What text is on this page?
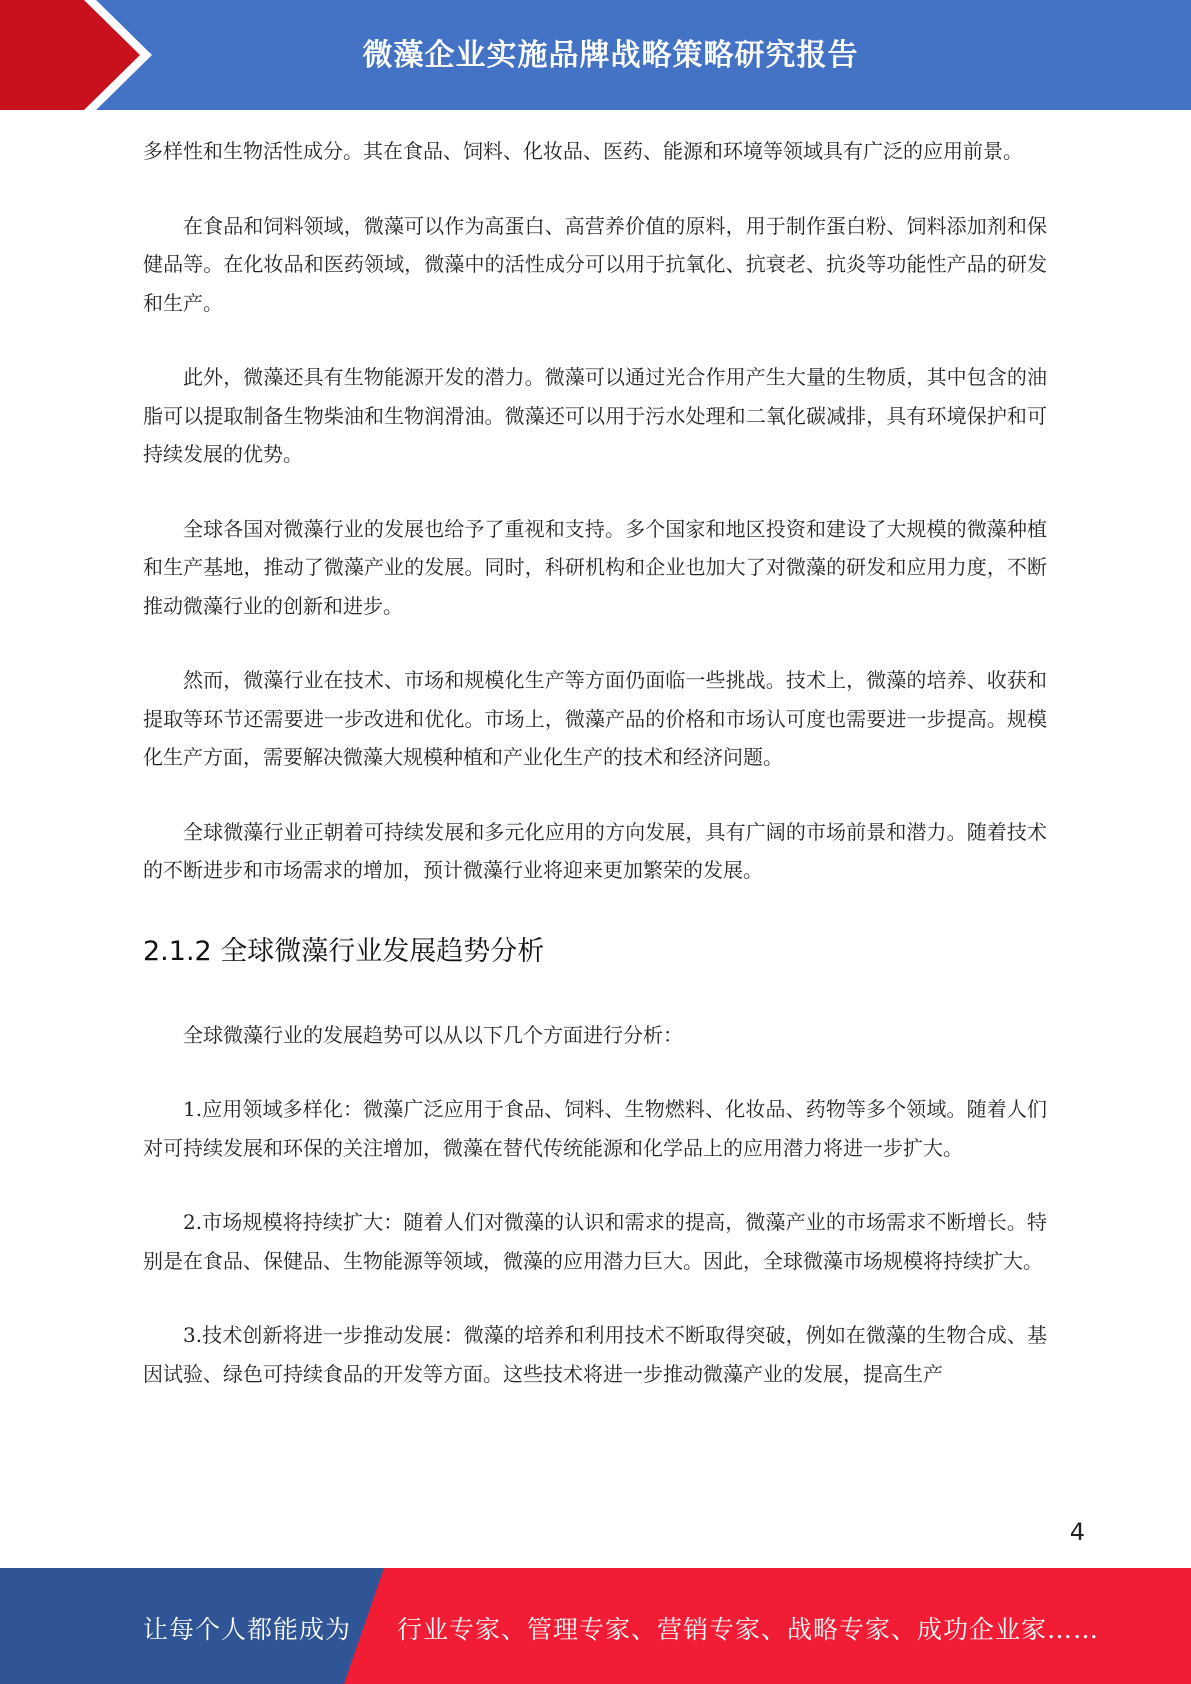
微藻企业实施品牌战略策略研究报告

多样性和生物活性成分。其在食品、饲料、化妆品、医药、能源和环境等领域具有广泛的应用前景。

在食品和饲料领域，微藻可以作为高蛋白、高营养价值的原料，用于制作蛋白粉、饲料添加剂和保健品等。在化妆品和医药领域，微藻中的活性成分可以用于抗氧化、抗衰老、抗炎等功能性产品的研发和生产。

此外，微藻还具有生物能源开发的潜力。微藻可以通过光合作用产生大量的生物质，其中包含的油脂可以提取制备生物柴油和生物润滑油。微藻还可以用于污水处理和二氧化碳减排，具有环境保护和可持续发展的优势。

全球各国对微藻行业的发展也给予了重视和支持。多个国家和地区投资和建设了大规模的微藻种植和生产基地，推动了微藻产业的发展。同时，科研机构和企业也加大了对微藻的研发和应用力度，不断推动微藻行业的创新和进步。

然而，微藻行业在技术、市场和规模化生产等方面仍面临一些挑战。技术上，微藻的培养、收获和提取等环节还需要进一步改进和优化。市场上，微藻产品的价格和市场认可度也需要进一步提高。规模化生产方面，需要解决微藻大规模种植和产业化生产的技术和经济问题。

全球微藻行业正朝着可持续发展和多元化应用的方向发展，具有广阔的市场前景和潜力。随着技术的不断进步和市场需求的增加，预计微藻行业将迎来更加繁荣的发展。

2.1.2 全球微藻行业发展趋势分析

全球微藻行业的发展趋势可以从以下几个方面进行分析：

1.应用领域多样化：微藻广泛应用于食品、饲料、生物燃料、化妆品、药物等多个领域。随着人们对可持续发展和环保的关注增加，微藻在替代传统能源和化学品上的应用潜力将进一步扩大。

2.市场规模将持续扩大：随着人们对微藻的认识和需求的提高，微藻产业的市场需求不断增长。特别是在食品、保健品、生物能源等领域，微藻的应用潜力巨大。因此，全球微藻市场规模将持续扩大。

3.技术创新将进一步推动发展：微藻的培养和利用技术不断取得突破，例如在微藻的生物合成、基因试验、绿色可持续食品的开发等方面。这些技术将进一步推动微藻产业的发展，提高生产

4
让每个人都能成为 行业专家、管理专家、营销专家、战略专家、成功企业家……
